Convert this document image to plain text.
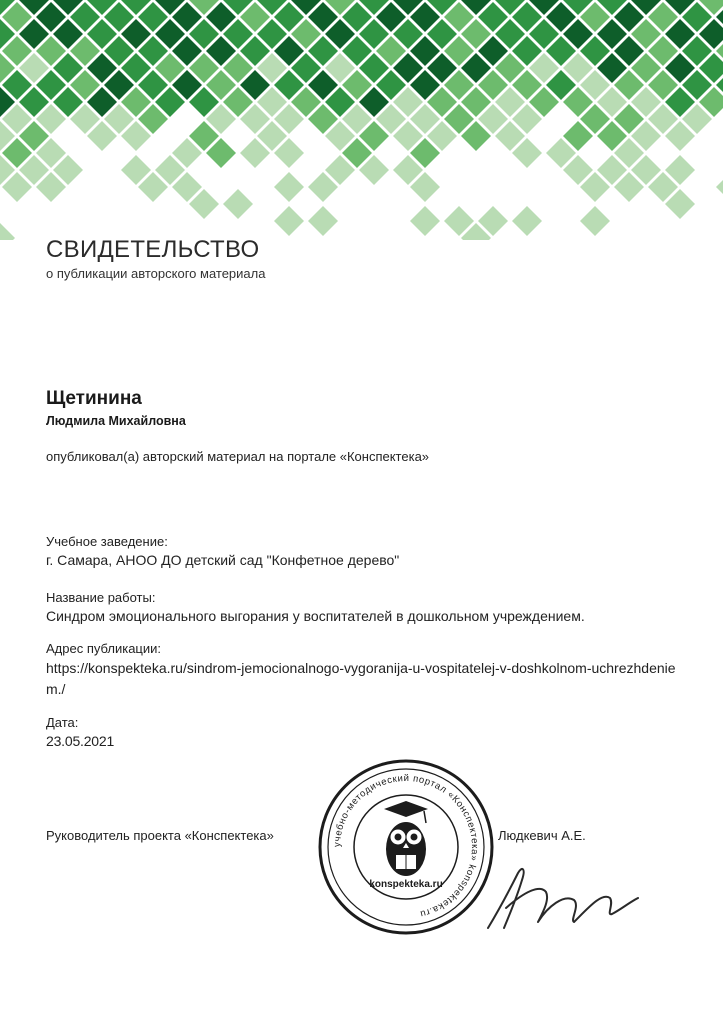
СВИДЕТЕЛЬСТВО
о публикации авторского материала
Щетинина
Людмила Михайловна
опубликовал(а) авторский материал на портале «Конспектека»
Учебное заведение:
г. Самара, АНОО ДО детский сад "Конфетное дерево"
Название работы:
Синдром эмоционального выгорания у воспитателей в дошкольном учреждением.
Адрес публикации:
https://konspekteka.ru/sindrom-jemocionalnogo-vygoranija-u-vospitatelej-v-doshkolnom-uchrezhdeniem./
Дата:
23.05.2021
Руководитель проекта «Конспектека»	Людкевич А.Е.
учебно-методический портал «Конспектека» konspekteka.ru
konspekteka.ru
